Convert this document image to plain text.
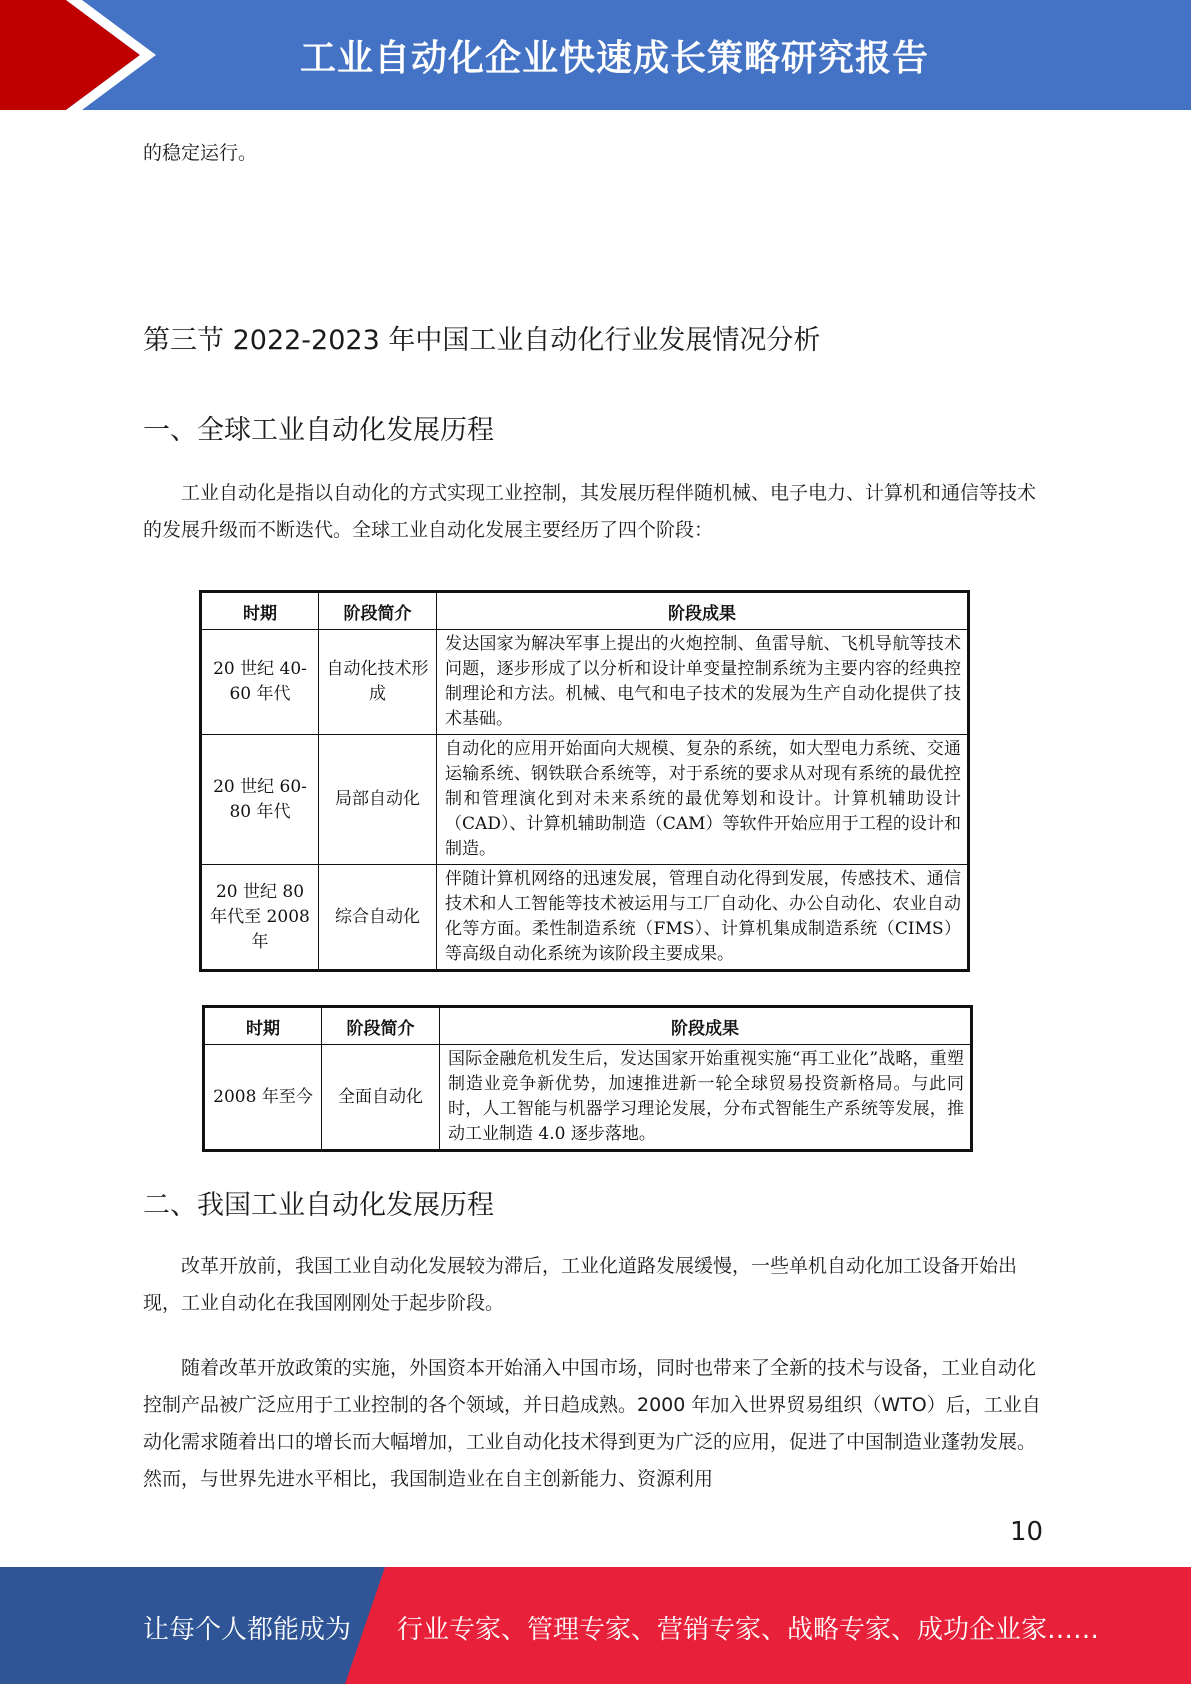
工业自动化企业快速成长策略研究报告
的稳定运行。
第三节 2022-2023 年中国工业自动化行业发展情况分析
一、全球工业自动化发展历程
工业自动化是指以自动化的方式实现工业控制，其发展历程伴随机械、电子电力、计算机和通信等技术的发展升级而不断迭代。全球工业自动化发展主要经历了四个阶段：
时期	阶段简介	阶段成果
20 世纪 40-60 年代	自动化技术形成	发达国家为解决军事上提出的火炮控制、鱼雷导航、飞机导航等技术问题，逐步形成了以分析和设计单变量控制系统为主要内容的经典控制理论和方法。机械、电气和电子技术的发展为生产自动化提供了技术基础。
20 世纪 60-80 年代	局部自动化	自动化的应用开始面向大规模、复杂的系统，如大型电力系统、交通运输系统、钢铁联合系统等，对于系统的要求从对现有系统的最优控制和管理演化到对未来系统的最优筹划和设计。计算机辅助设计（CAD）、计算机辅助制造（CAM）等软件开始应用于工程的设计和制造。
20 世纪 80 年代至 2008 年	综合自动化	伴随计算机网络的迅速发展，管理自动化得到发展，传感技术、通信技术和人工智能等技术被运用与工厂自动化、办公自动化、农业自动化等方面。柔性制造系统（FMS）、计算机集成制造系统（CIMS）等高级自动化系统为该阶段主要成果。
时期	阶段简介	阶段成果
2008 年至今	全面自动化	国际金融危机发生后，发达国家开始重视实施“再工业化”战略，重塑制造业竞争新优势，加速推进新一轮全球贸易投资新格局。与此同时，人工智能与机器学习理论发展，分布式智能生产系统等发展，推动工业制造 4.0 逐步落地。
二、我国工业自动化发展历程
改革开放前，我国工业自动化发展较为滞后，工业化道路发展缓慢，一些单机自动化加工设备开始出现，工业自动化在我国刚刚处于起步阶段。
随着改革开放政策的实施，外国资本开始涌入中国市场，同时也带来了全新的技术与设备，工业自动化控制产品被广泛应用于工业控制的各个领域，并日趋成熟。2000 年加入世界贸易组织（WTO）后，工业自动化需求随着出口的增长而大幅增加，工业自动化技术得到更为广泛的应用，促进了中国制造业蓬勃发展。然而，与世界先进水平相比，我国制造业在自主创新能力、资源利用
10
让每个人都能成为 行业专家、管理专家、营销专家、战略专家、成功企业家……
